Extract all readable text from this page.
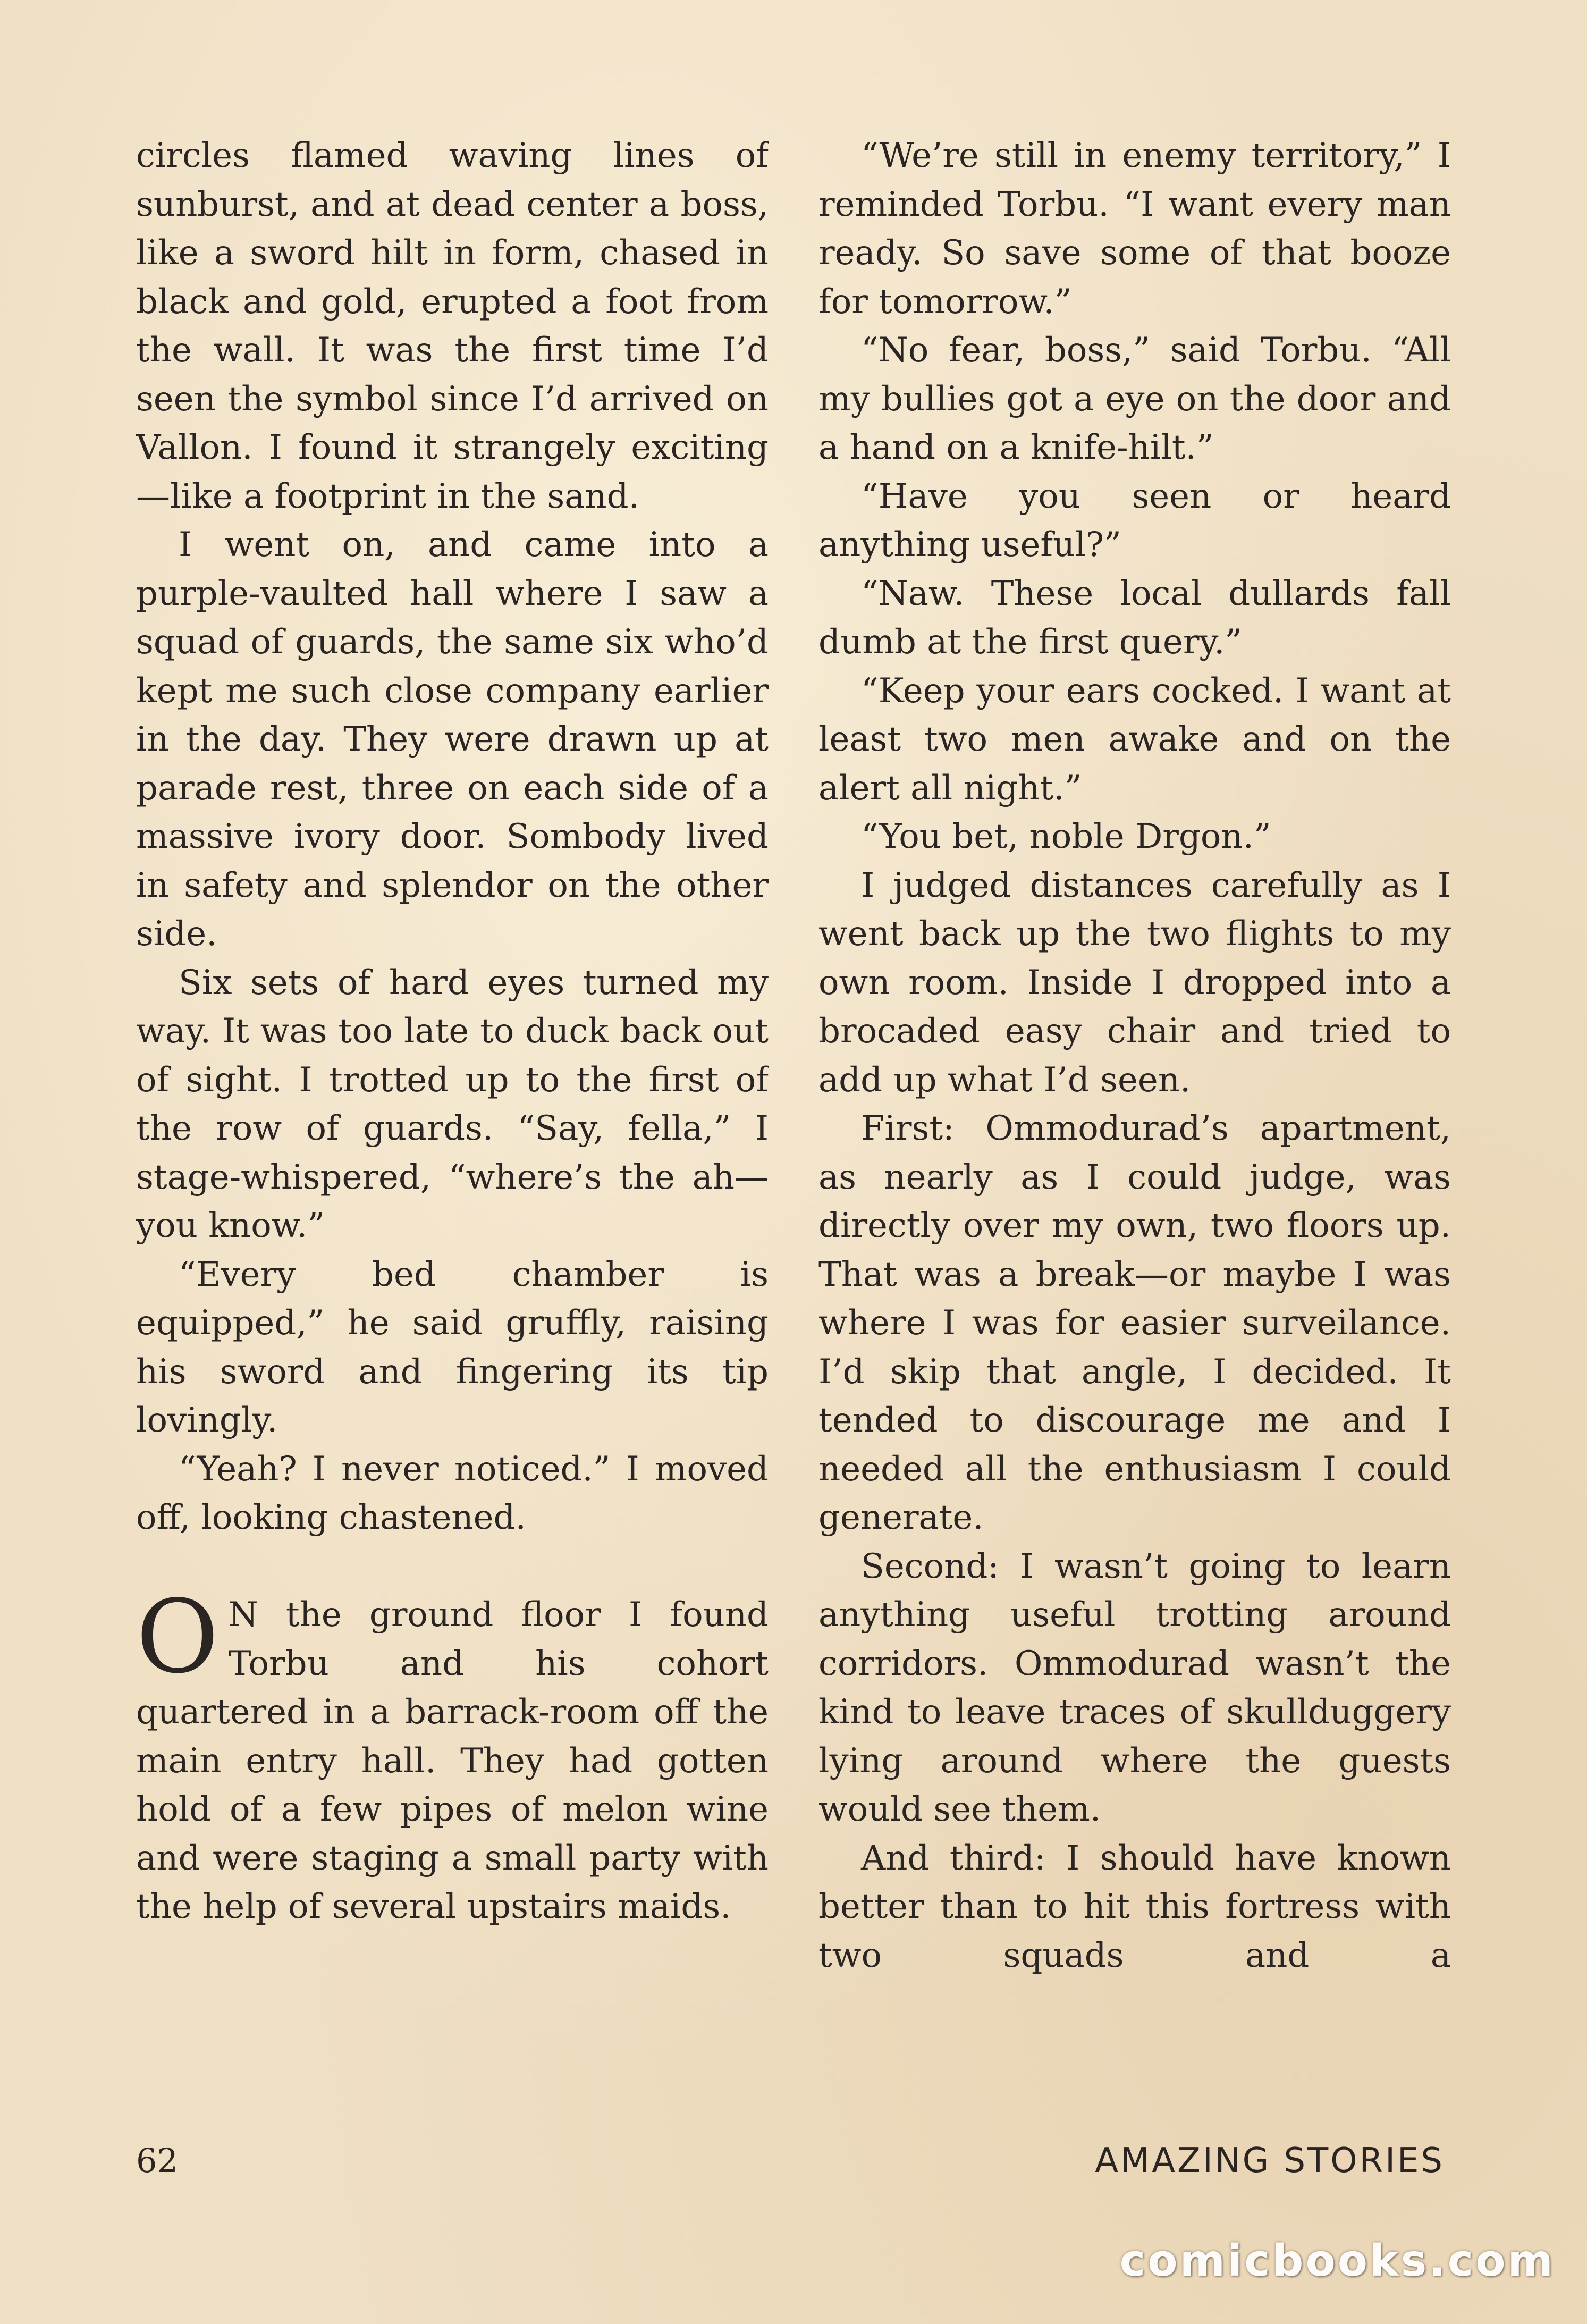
circles flamed waving lines of sunburst, and at dead center a boss, like a sword hilt in form, chased in black and gold, erupted a foot from the wall. It was the first time I’d seen the symbol since I’d arrived on Vallon. I found it strangely exciting—like a footprint in the sand.

I went on, and came into a purple-vaulted hall where I saw a squad of guards, the same six who’d kept me such close company earlier in the day. They were drawn up at parade rest, three on each side of a massive ivory door. Sombody lived in safety and splendor on the other side.

Six sets of hard eyes turned my way. It was too late to duck back out of sight. I trotted up to the first of the row of guards. “Say, fella,” I stage-whispered, “where’s the ah—you know.”

“Every bed chamber is equipped,” he said gruffly, raising his sword and fingering its tip lovingly.

“Yeah? I never noticed.” I moved off, looking chastened.

O N the ground floor I found Torbu and his cohort quartered in a barrack-room off the main entry hall. They had gotten hold of a few pipes of melon wine and were staging a small party with the help of several upstairs maids.

“We’re still in enemy territory,” I reminded Torbu. “I want every man ready. So save some of that booze for tomorrow.”

“No fear, boss,” said Torbu. “All my bullies got a eye on the door and a hand on a knife-hilt.”

“Have you seen or heard anything useful?”

“Naw. These local dullards fall dumb at the first query.”

“Keep your ears cocked. I want at least two men awake and on the alert all night.”

“You bet, noble Drgon.”

I judged distances carefully as I went back up the two flights to my own room. Inside I dropped into a brocaded easy chair and tried to add up what I’d seen.

First: Ommodurad’s apartment, as nearly as I could judge, was directly over my own, two floors up. That was a break—or maybe I was where I was for easier surveilance. I’d skip that angle, I decided. It tended to discourage me and I needed all the enthusiasm I could generate.

Second: I wasn’t going to learn anything useful trotting around corridors. Ommodurad wasn’t the kind to leave traces of skullduggery lying around where the guests would see them.

And third: I should have known better than to hit this fortress with two squads and a

62	AMAZING STORIES
comicbooks.com
